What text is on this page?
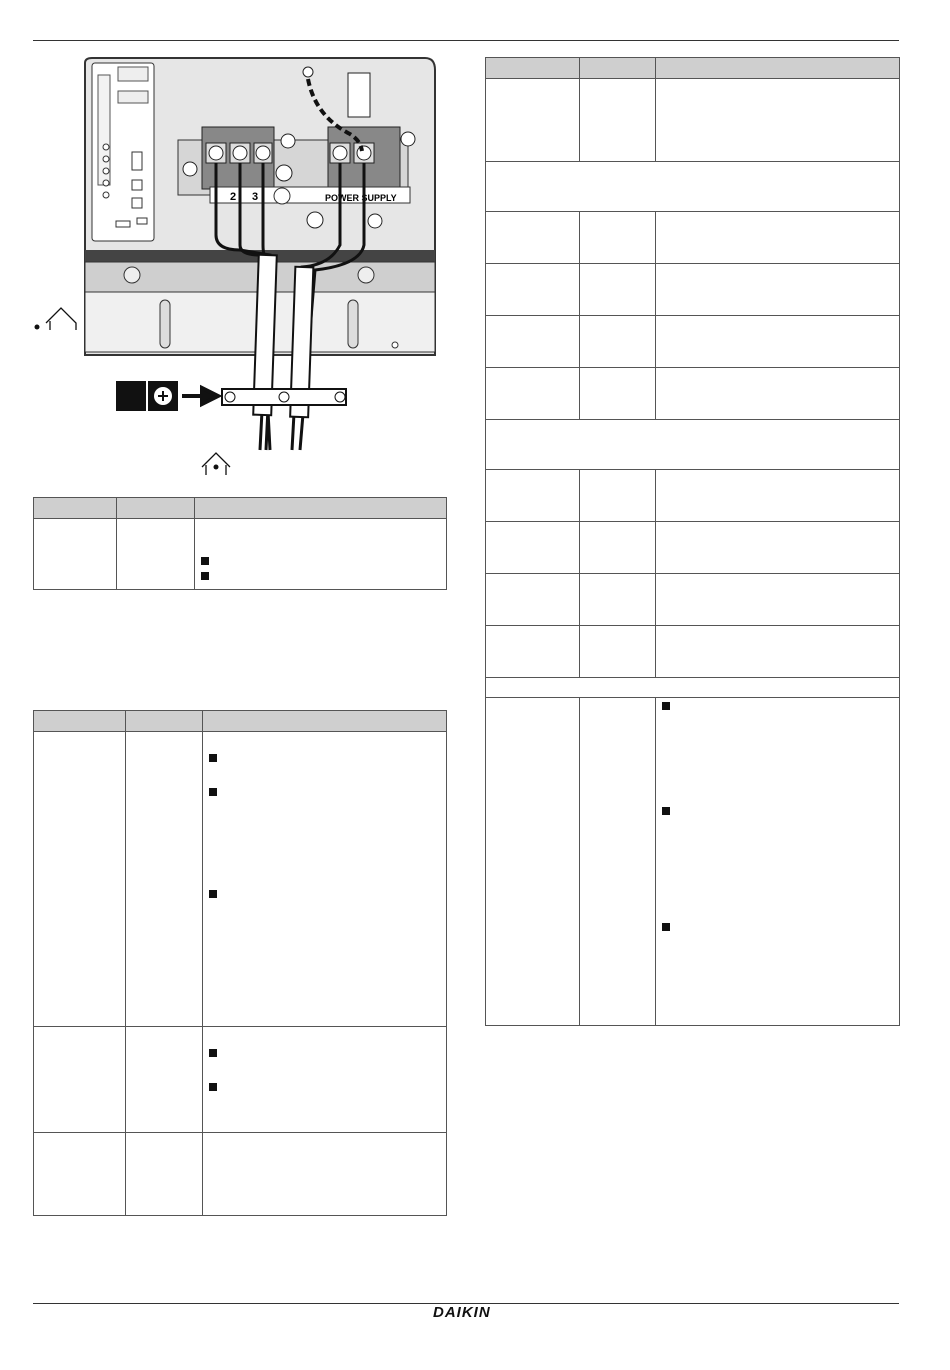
2 3	POWER SUPPLY

DAIKIN
